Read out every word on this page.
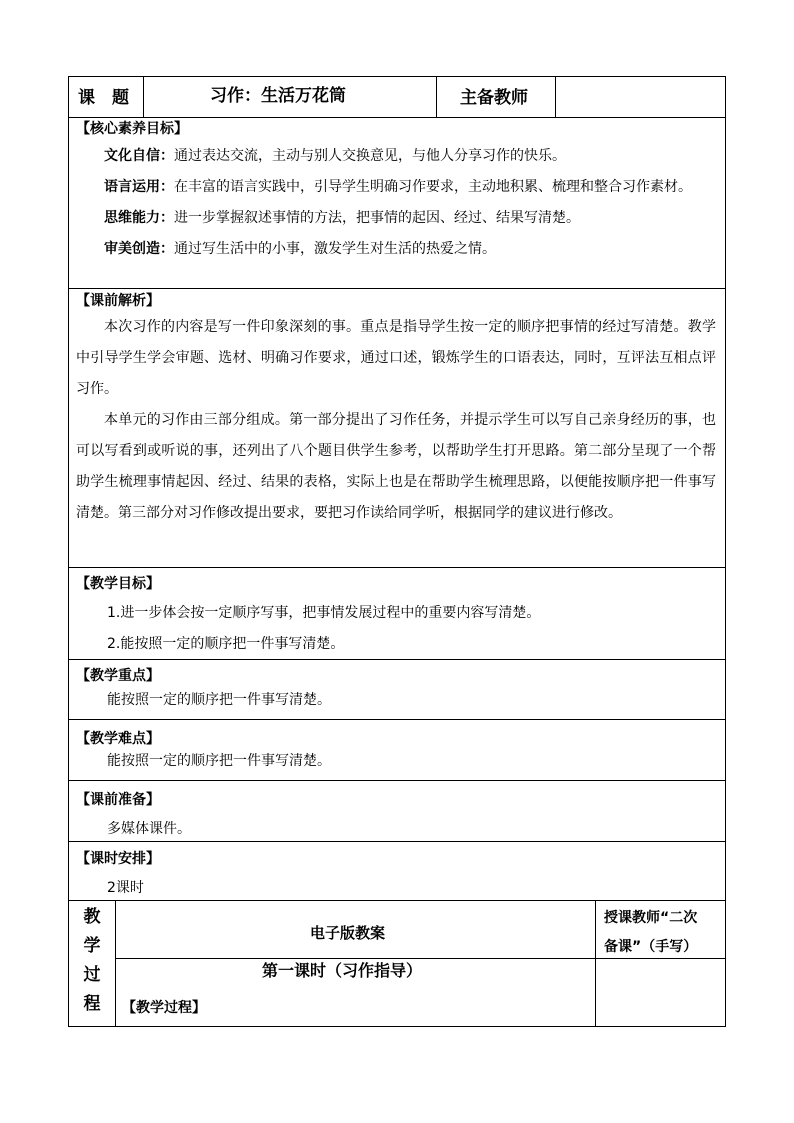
课　题	习作：生活万花筒	主备教师
【核心素养目标】

文化自信：通过表达交流，主动与别人交换意见，与他人分享习作的快乐。

语言运用：在丰富的语言实践中，引导学生明确习作要求，主动地积累、梳理和整合习作素材。

思维能力：进一步掌握叙述事情的方法，把事情的起因、经过、结果写清楚。

审美创造：通过写生活中的小事，激发学生对生活的热爱之情。

【课前解析】

本次习作的内容是写一件印象深刻的事。重点是指导学生按一定的顺序把事情的经过写清楚。教学中引导学生学会审题、选材、明确习作要求，通过口述，锻炼学生的口语表达，同时，互评法互相点评习作。

本单元的习作由三部分组成。第一部分提出了习作任务，并提示学生可以写自己亲身经历的事，也可以写看到或听说的事，还列出了八个题目供学生参考，以帮助学生打开思路。第二部分呈现了一个帮助学生梳理事情起因、经过、结果的表格，实际上也是在帮助学生梳理思路，以便能按顺序把一件事写清楚。第三部分对习作修改提出要求，要把习作读给同学听，根据同学的建议进行修改。

【教学目标】
1.进一步体会按一定顺序写事，把事情发展过程中的重要内容写清楚。
2.能按照一定的顺序把一件事写清楚。
【教学重点】
能按照一定的顺序把一件事写清楚。
【教学难点】
能按照一定的顺序把一件事写清楚。
【课前准备】
多媒体课件。
【课时安排】
2课时
教
学
过
程
电子版教案
授课教师“二次
备课”（手写）
第一课时（习作指导）
【教学过程】
